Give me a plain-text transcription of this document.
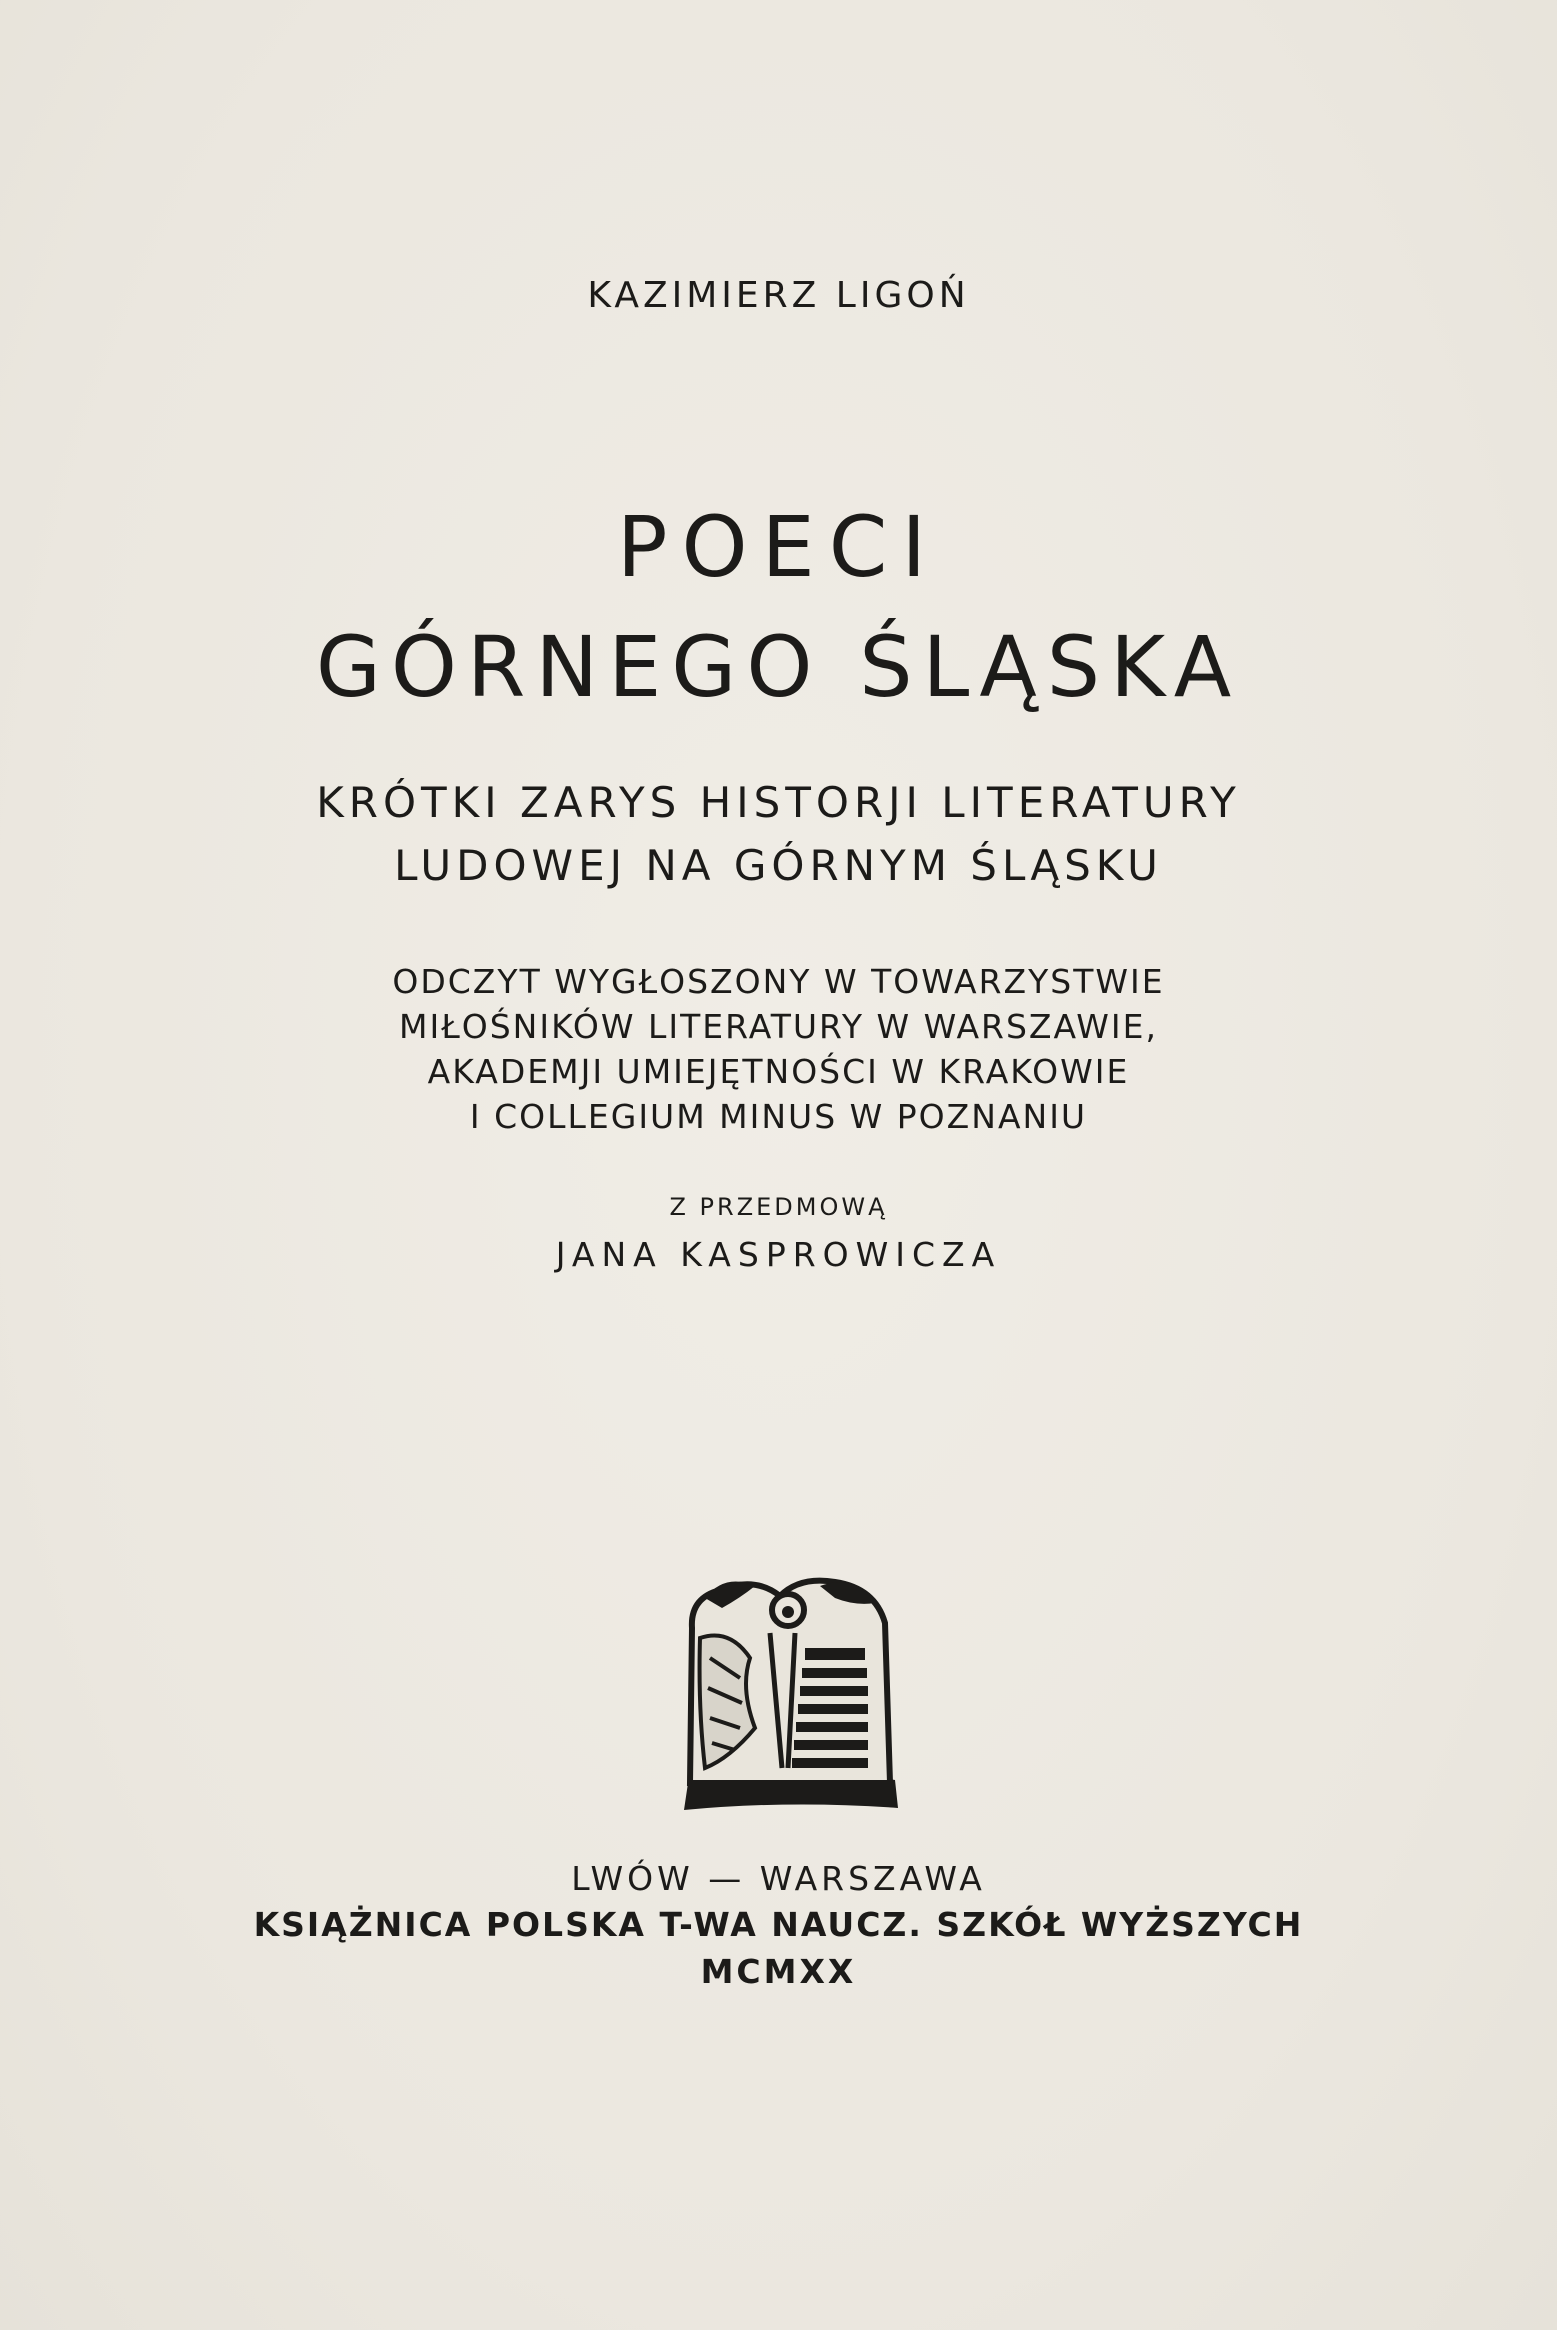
KAZIMIERZ LIGOŃ
POECI
GÓRNEGO ŚLĄSKA
KRÓTKI ZARYS HISTORJI LITERATURY
LUDOWEJ NA GÓRNYM ŚLĄSKU
ODCZYT WYGŁOSZONY W TOWARZYSTWIE
MIŁOŚNIKÓW LITERATURY W WARSZAWIE,
AKADEMJI UMIEJĘTNOŚCI W KRAKOWIE
I COLLEGIUM MINUS W POZNANIU
Z PRZEDMOWĄ
JANA KASPROWICZA
LWÓW — WARSZAWA
KSIĄŻNICA POLSKA T-WA NAUCZ. SZKÓŁ WYŻSZYCH
MCMXX
